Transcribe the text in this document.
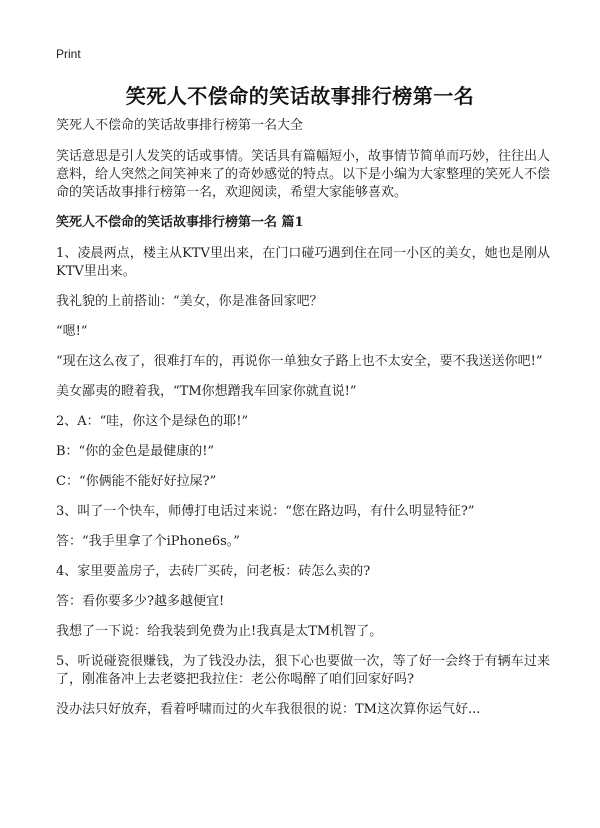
Print
笑死人不偿命的笑话故事排行榜第一名

笑死人不偿命的笑话故事排行榜第一名大全

笑话意思是引人发笑的话或事情。笑话具有篇幅短小，故事情节简单而巧妙，往往出人意料，给人突然之间笑神来了的奇妙感觉的特点。以下是小编为大家整理的笑死人不偿命的笑话故事排行榜第一名，欢迎阅读，希望大家能够喜欢。

笑死人不偿命的笑话故事排行榜第一名 篇1

1、凌晨两点，楼主从KTV里出来，在门口碰巧遇到住在同一小区的美女，她也是刚从KTV里出来。

我礼貌的上前搭讪：“美女，你是准备回家吧？

“嗯!”

“现在这么夜了，很难打车的，再说你一单独女子路上也不太安全，要不我送送你吧!”

美女鄙夷的瞪着我，“TM你想蹭我车回家你就直说!”

2、A：“哇，你这个是绿色的耶!”

B：“你的金色是最健康的!”

C：“你俩能不能好好拉屎?”

3、叫了一个快车，师傅打电话过来说：“您在路边吗，有什么明显特征?”

答：“我手里拿了个iPhone6s。”

4、家里要盖房子，去砖厂买砖，问老板：砖怎么卖的?

答：看你要多少?越多越便宜!

我想了一下说：给我装到免费为止!我真是太TM机智了。

5、听说碰瓷很赚钱，为了钱没办法，狠下心也要做一次，等了好一会终于有辆车过来了，刚准备冲上去老婆把我拉住：老公你喝醉了咱们回家好吗?

没办法只好放弃，看着呼啸而过的火车我很很的说：TM这次算你运气好...
